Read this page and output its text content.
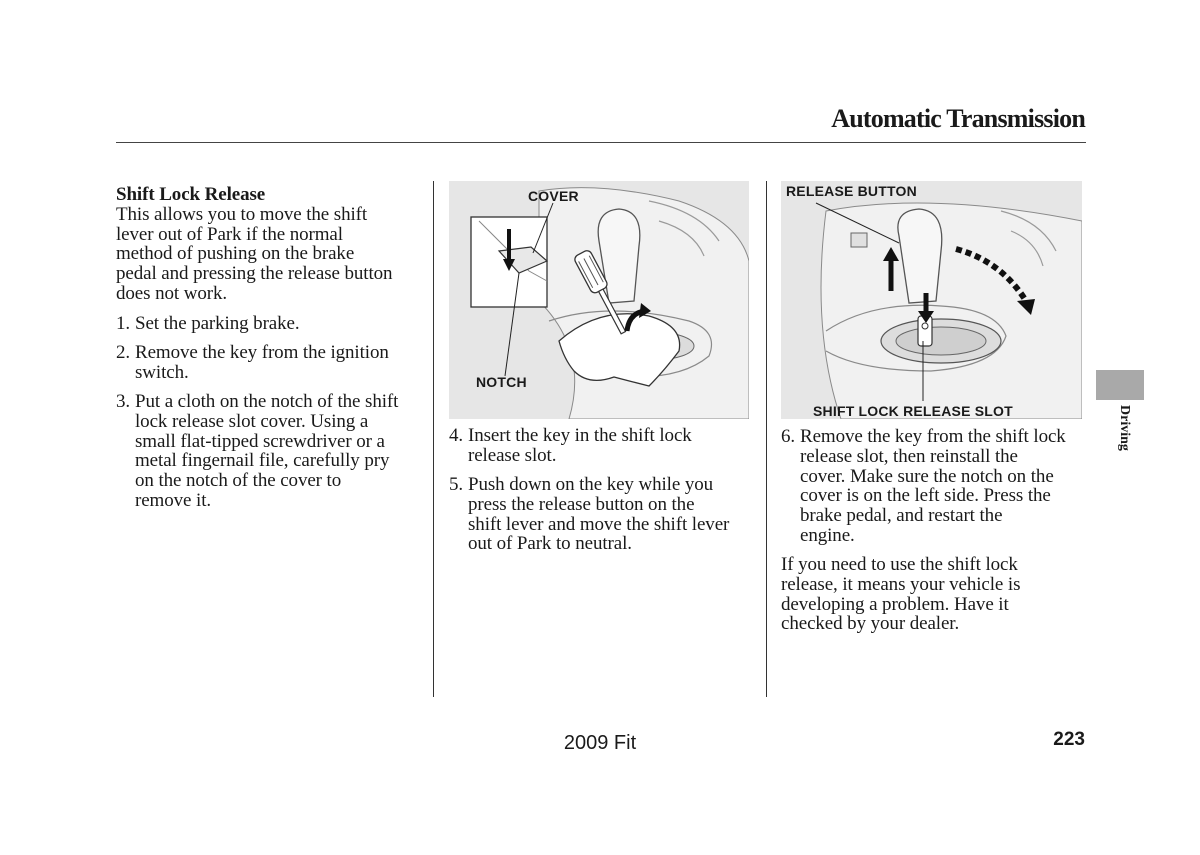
Automatic Transmission
Shift Lock Release
This allows you to move the shift
lever out of Park if the normal
method of pushing on the brake
pedal and pressing the release button
does not work.
1. Set the parking brake.
2. Remove the key from the ignition
switch.
3. Put a cloth on the notch of the shift
lock release slot cover. Using a
small flat-tipped screwdriver or a
metal fingernail file, carefully pry
on the notch of the cover to
remove it.
COVER
NOTCH
4. Insert the key in the shift lock
release slot.
5. Push down on the key while you
press the release button on the
shift lever and move the shift lever
out of Park to neutral.
RELEASE BUTTON
SHIFT LOCK RELEASE SLOT
6. Remove the key from the shift lock
release slot, then reinstall the
cover. Make sure the notch on the
cover is on the left side. Press the
brake pedal, and restart the
engine.
If you need to use the shift lock
release, it means your vehicle is
developing a problem. Have it
checked by your dealer.
Driving
2009 Fit	223
